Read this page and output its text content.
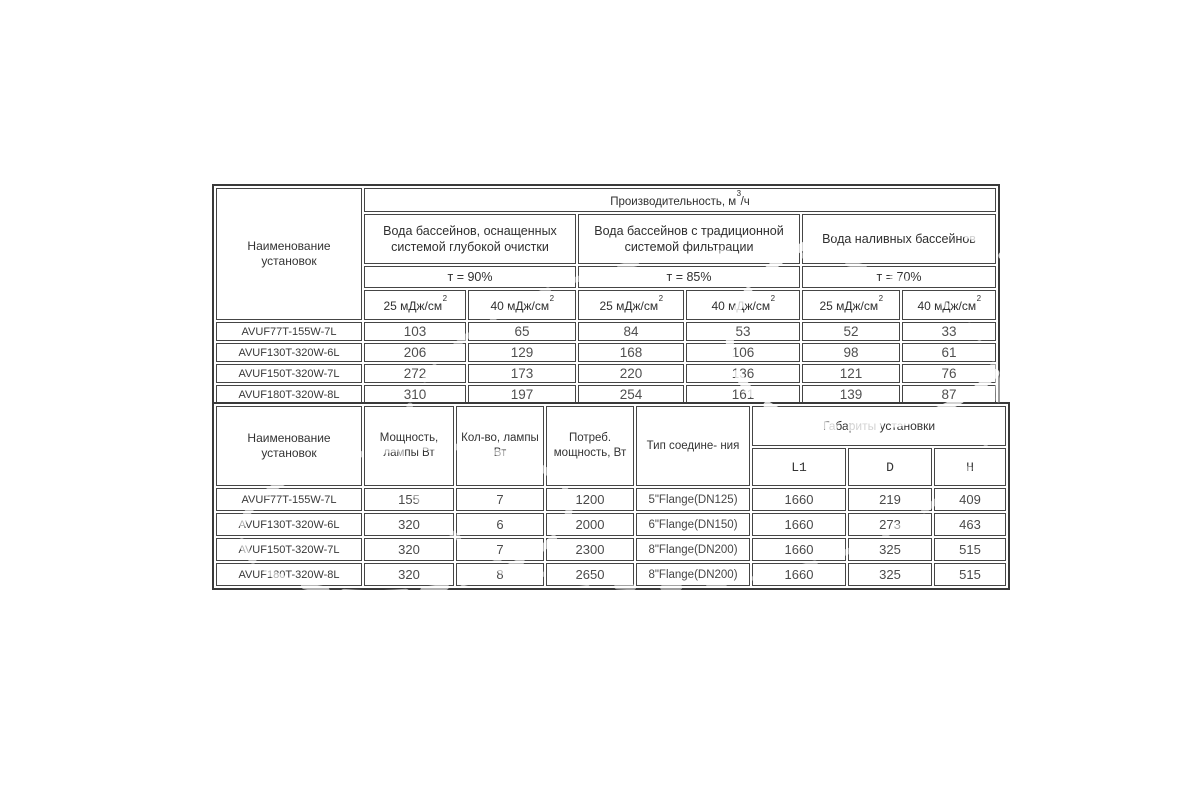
Наименование установок	Производительность, $м^3/ч$					
	Вода бассейнов, оснащенных системой глубокой очистки		Вода бассейнов с традиционной системой фильтрации		Вода наливных бассейнов	
	т = 90%		т = 85%		т = 70%	
	25 мДж/$см^2$	40 мДж/$см^2$	25 мДж/$см^2$	40 мДж/$см^2$	25 мДж/$см^2$	40 мДж/$см^2$
AVUF77T-155W-7L	103	65	84	53	52	33
AVUF130T-320W-6L	206	129	168	106	98	61
AVUF150T-320W-7L	272	173	220	136	121	76
AVUF180T-320W-8L	310	197	254	161	139	87
Наименование установок	Мощность, лампы Вт	Кол-во, лампы Вт	Потреб. мощность, Вт	Тип соедине- ния	Габариты установки		
					L1	D	H
AVUF77T-155W-7L	155	7	1200	5"Flange(DN125)	1660	219	409
AVUF130T-320W-6L	320	6	2000	6"Flange(DN150)	1660	273	463
AVUF150T-320W-7L	320	7	2300	8"Flange(DN200)	1660	325	515
AVUF180T-320W-8L	320	8	2650	8"Flange(DN200)	1660	325	515
